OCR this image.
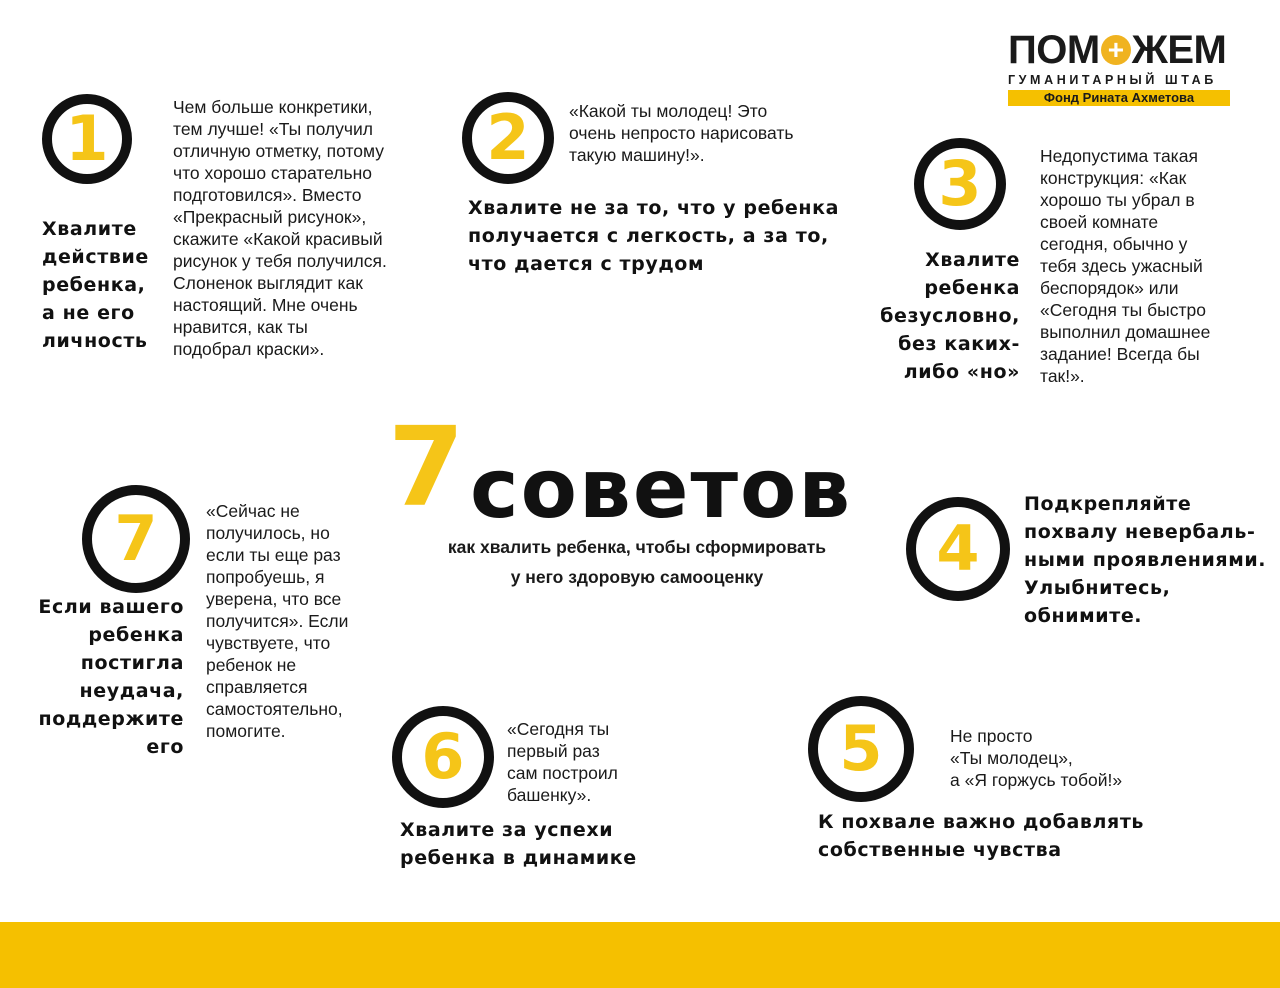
ПОМ + ЖЕМ
ГУМАНИТАРНЫЙ ШТАБ
Фонд Рината Ахметова
1
Хвалите
действие
ребенка,
а не его
личность
Чем больше конкретики,
тем лучше! «Ты получил
отличную отметку, потому
что хорошо старательно
подготовился». Вместо
«Прекрасный рисунок»,
скажите «Какой красивый
рисунок у тебя получился.
Слоненок выглядит как
настоящий. Мне очень
нравится, как ты
подобрал краски».
2 «Какой ты молодец! Это
очень непросто нарисовать
такую машину!».
Хвалите не за то, что у ребенка
получается с легкость, а за то,
что дается с трудом
3
Хвалите
ребенка
безусловно,
без каких-
либо «но»
Недопустима такая
конструкция: «Как
хорошо ты убрал в
своей комнате
сегодня, обычно у
тебя здесь ужасный
беспорядок» или
«Сегодня ты быстро
выполнил домашнее
задание! Всегда бы
так!».
7 советов
как хвалить ребенка, чтобы сформировать
у него здоровую самооценку
7
Если вашего
ребенка
постигла
неудача,
поддержите
его
«Сейчас не
получилось, но
если ты еще раз
попробуешь, я
уверена, что все
получится». Если
чувствуете, что
ребенок не
справляется
самостоятельно,
помогите.
4
Подкрепляйте
похвалу невербаль-
ными проявлениями.
Улыбнитесь,
обнимите.
6 «Сегодня ты
первый раз
сам построил
башенку».
Хвалите за успехи
ребенка в динамике
5	Не просто
«Ты молодец»,
а «Я горжусь тобой!»
К похвале важно добавлять
собственные чувства
